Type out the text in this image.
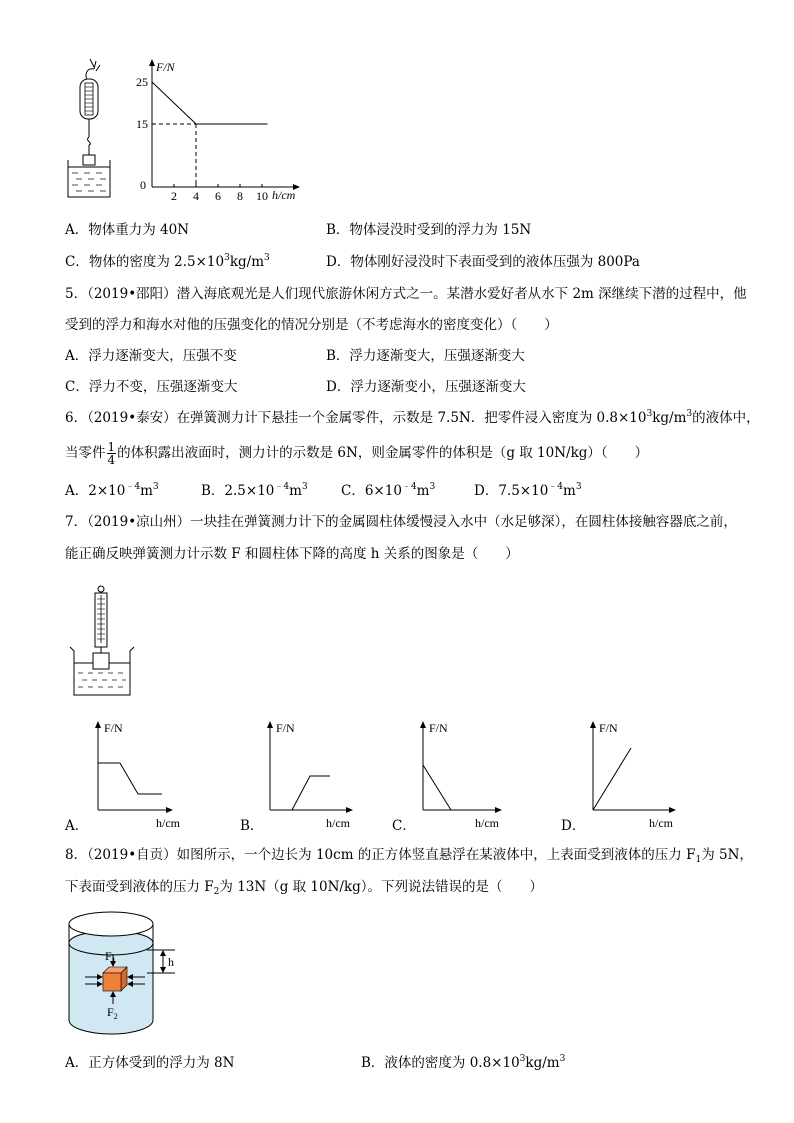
F/N
h/cm
2 4 6 8 10
15
25
0
A．物体重力为 40N	B．物体浸没时受到的浮力为 15N
C．物体的密度为 $2.5\times 10^3kg/m^3$	D．物体刚好浸没时下表面受到的液体压强为 800Pa
5．（2019•邵阳）潜入海底观光是人们现代旅游休闲方式之一。某潜水爱好者从水下 2m 深继续下潜的过程中，他
受到的浮力和海水对他的压强变化的情况分别是（不考虑海水的密度变化）（　　）
A．浮力逐渐变大，压强不变	B．浮力逐渐变大，压强逐渐变大
C．浮力不变，压强逐渐变大	D．浮力逐渐变小，压强逐渐变大
6．（2019•泰安）在弹簧测力计下悬挂一个金属零件，示数是 7.5N．把零件浸入密度为 $0.8\times 10^3kg/m^3$的液体中，
当零件 $\frac{1}{4}$ 的体积露出液面时，测力计的示数是 6N，则金属零件的体积是（g 取 10N/kg）（　　）
A．$2\times 10^{﹣4}m^3$	B．$2.5\times 10^{﹣4}m^3$ C．$6\times 10^{﹣4}m^3$	D．$7.5\times 10^{﹣4}m^3$
7．（2019•凉山州）一块挂在弹簧测力计下的金属圆柱体缓慢浸入水中（水足够深），在圆柱体接触容器底之前，
能正确反映弹簧测力计示数 F 和圆柱体下降的高度 h 关系的图象是（　　）
A．
F/N
h/cm	B．
F/N
h/cm	C．
F/N
h/cm	D．
F/N
h/cm
8．（2019•自贡）如图所示，一个边长为 10cm 的正方体竖直悬浮在某液体中，上表面受到液体的压力 $F_1$为 5N，
下表面受到液体的压力 $F_2$为 13N（g 取 10N/kg）。下列说法错误的是（　　）
h
$F_1$
$F_2$
A．正方体受到的浮力为 8N	B．液体的密度为 $0.8\times 10^3kg/m^3$
